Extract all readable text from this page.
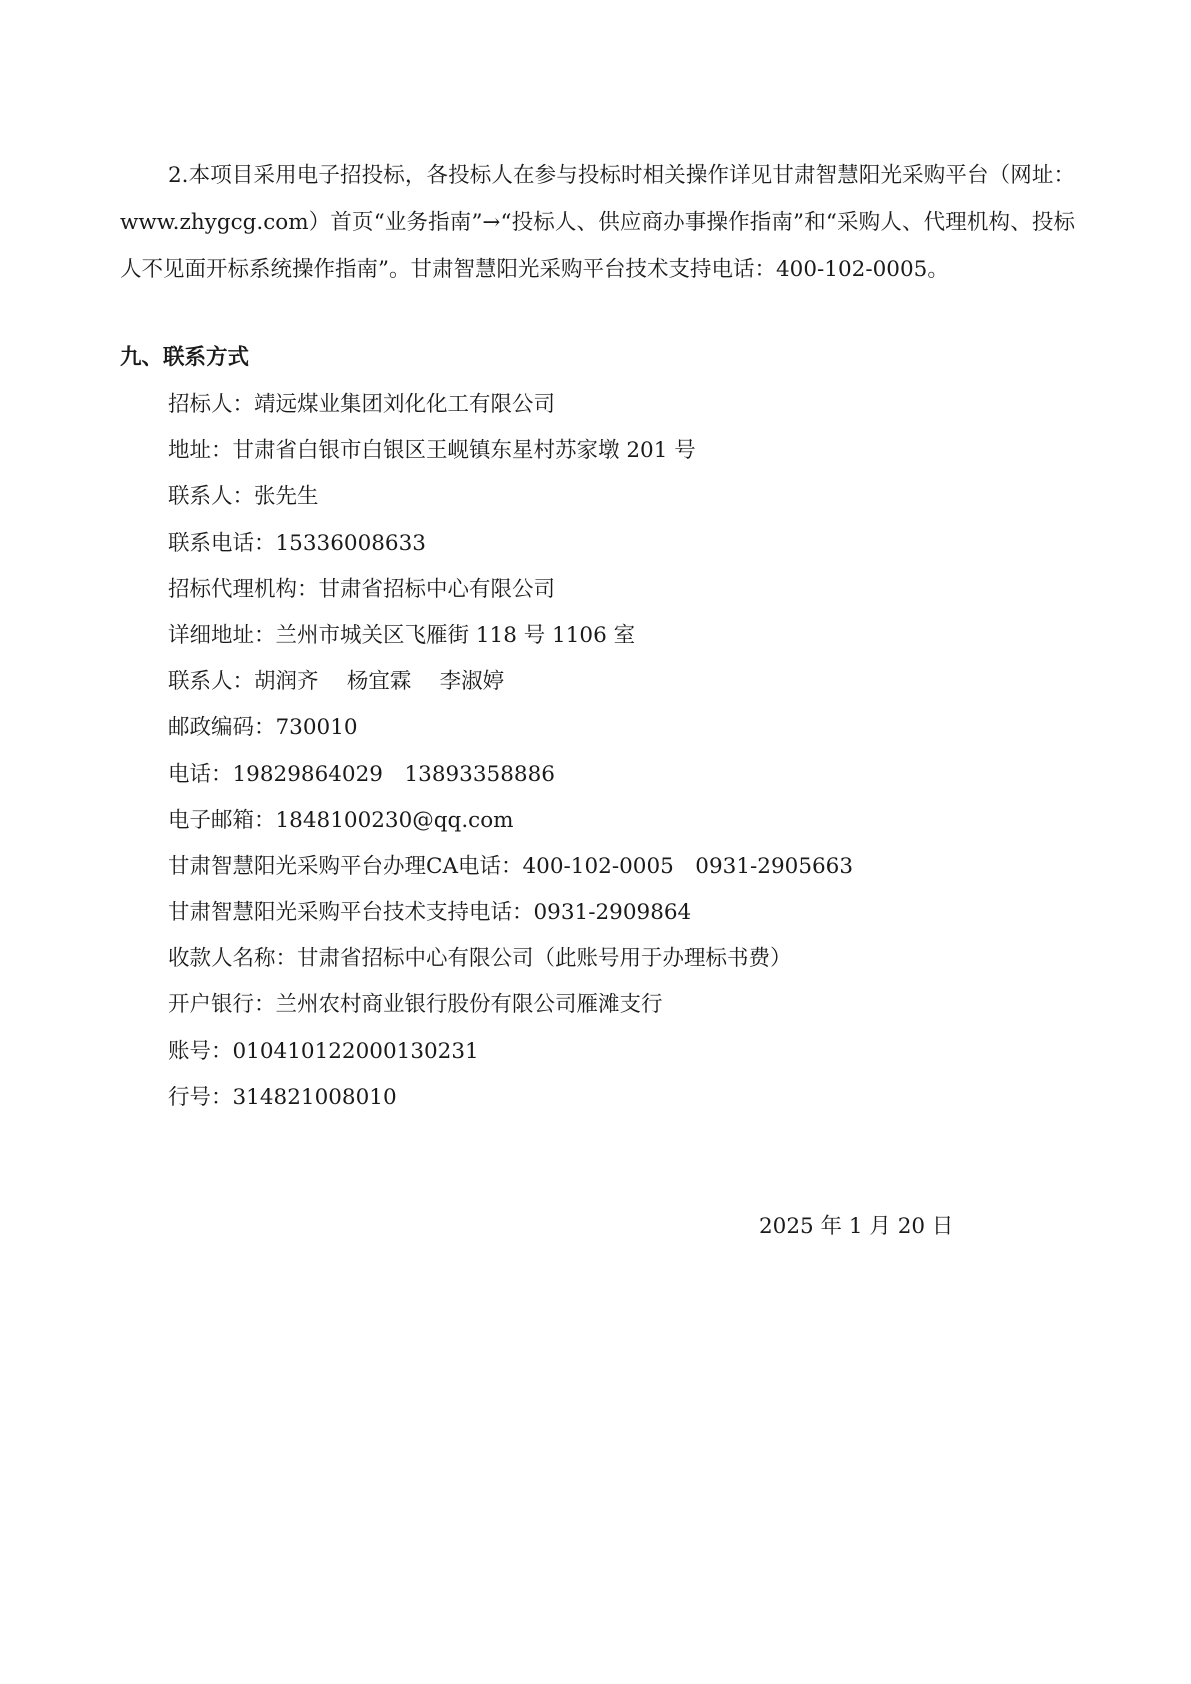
2.本项目采用电子招投标，各投标人在参与投标时相关操作详见甘肃智慧阳光采购平台（网址：www.zhygcg.com）首页“业务指南”→“投标人、供应商办事操作指南”和“采购人、代理机构、投标人不见面开标系统操作指南”。甘肃智慧阳光采购平台技术支持电话：400-102-0005。

九、联系方式
招标人：靖远煤业集团刘化化工有限公司
地址：甘肃省白银市白银区王岘镇东星村苏家墩 201 号
联系人：张先生
联系电话：15336008633
招标代理机构：甘肃省招标中心有限公司
详细地址：兰州市城关区飞雁街 118 号 1106 室
联系人：胡润齐　 杨宜霖　 李淑婷
邮政编码：730010
电话：19829864029　13893358886
电子邮箱：1848100230@qq.com
甘肃智慧阳光采购平台办理CA电话：400-102-0005　0931-2905663
甘肃智慧阳光采购平台技术支持电话：0931-2909864
收款人名称：甘肃省招标中心有限公司（此账号用于办理标书费）
开户银行：兰州农村商业银行股份有限公司雁滩支行
账号：010410122000130231
行号：314821008010

2025 年 1 月 20 日
